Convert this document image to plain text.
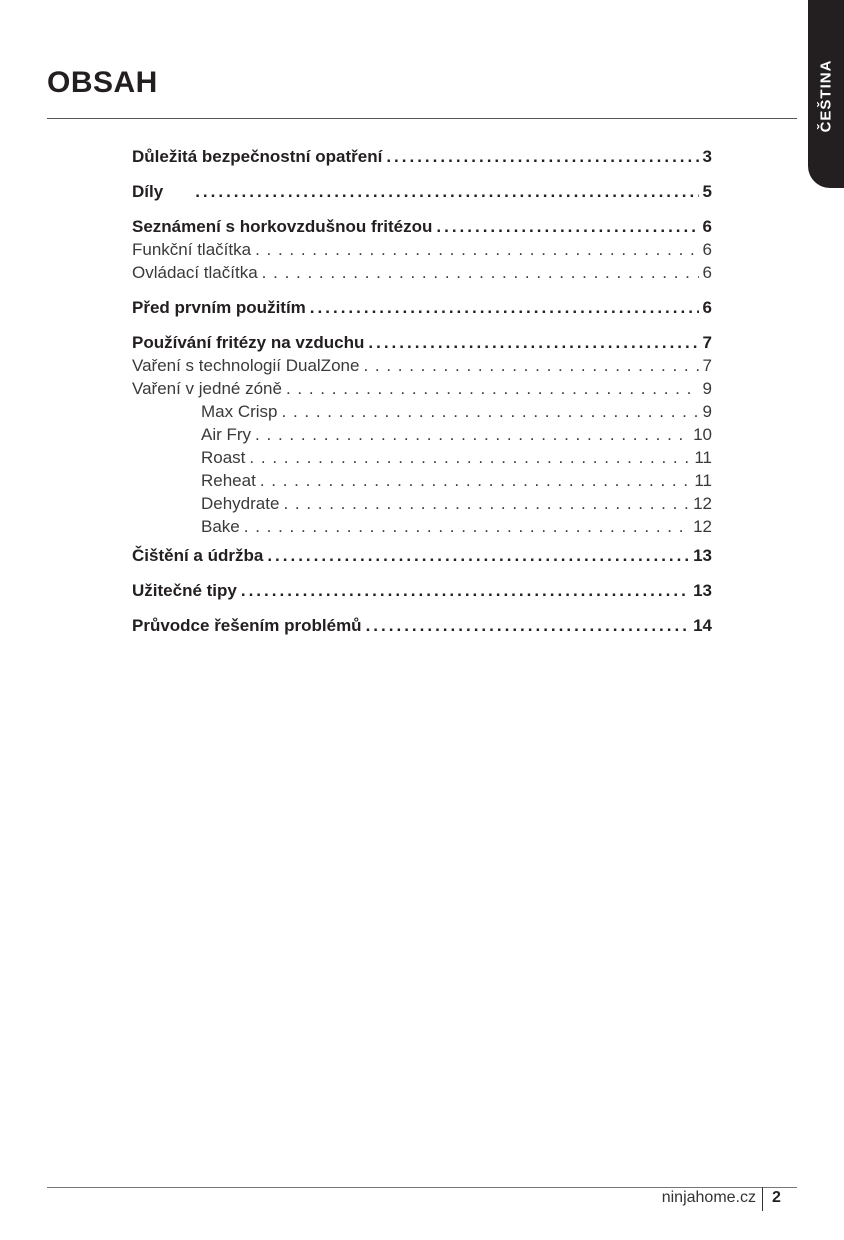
ČEŠTINA
OBSAH
Důležitá bezpečnostní opatření .....	3
Díly .....	5
Seznámení s horkovzdušnou fritézou .....	6
Funkční tlačítka . . .	6
Ovládací tlačítka . . .	6
Před prvním použitím .....	6
Používání fritézy na vzduchu .....	7
Vaření s technologií DualZone . . .	7
Vaření v jedné zóně . . .	9
Max Crisp . . .	9
Air Fry . . .	10
Roast . . .	11
Reheat . . .	11
Dehydrate . . .	12
Bake . . .	12
Čištění a údržba .....	13
Užitečné tipy .....	13
Průvodce řešením problémů .....	14
ninjahome.cz 2
